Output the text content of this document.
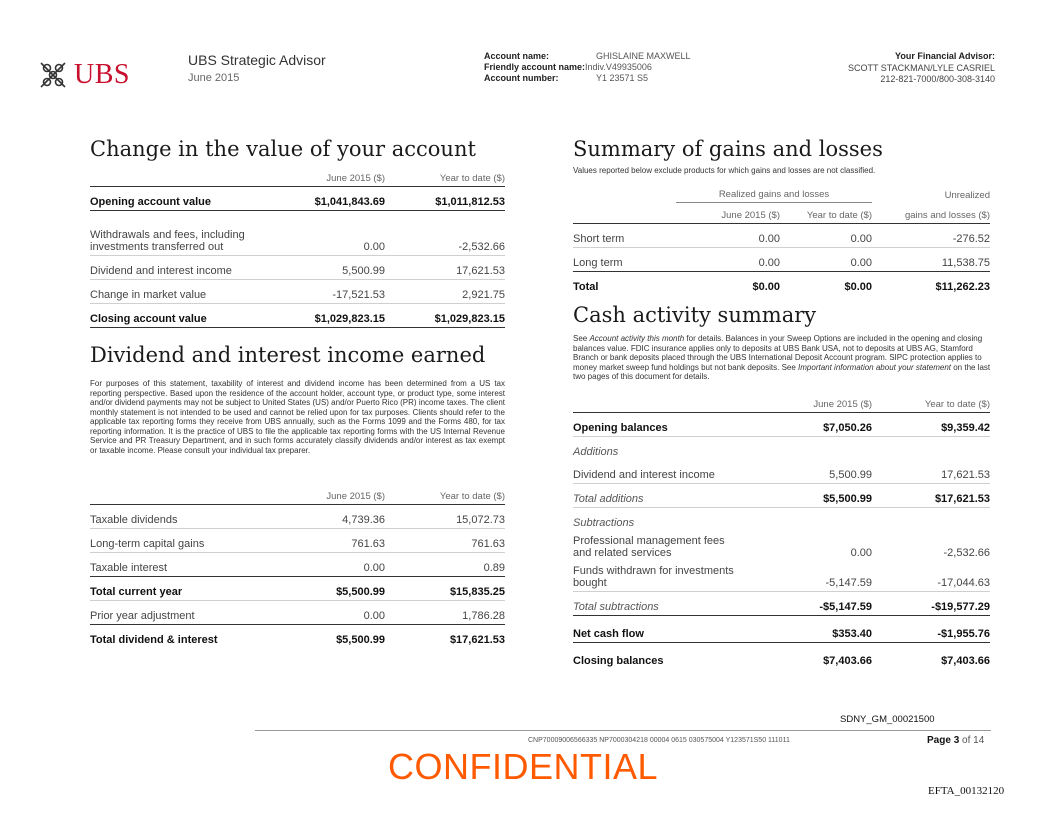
UBS	UBS Strategic Advisor
June 2015
Account name:	GHISLAINE MAXWELL
Friendly account name:Indiv.V49935006
Account number:	Y1 23571 S5
Your Financial Advisor:
SCOTT STACKMAN/LYLE CASRIEL
212-821-7000/800-308-3140
Change in the value of your account
	June 2015 ($)	Year to date ($)
Opening account value	$1,041,843.69	$1,011,812.53
Withdrawals and fees, including investments transferred out	0.00	-2,532.66
Dividend and interest income	5,500.99	17,621.53
Change in market value	-17,521.53	2,921.75
Closing account value	$1,029,823.15	$1,029,823.15
Dividend and interest income earned
For purposes of this statement, taxability of interest and dividend income has been determined from a US tax reporting perspective. Based upon the residence of the account holder, account type, or product type, some interest and/or dividend payments may not be subject to United States (US) and/or Puerto Rico (PR) income taxes. The client monthly statement is not intended to be used and cannot be relied upon for tax purposes. Clients should refer to the applicable tax reporting forms they receive from UBS annually, such as the Forms 1099 and the Forms 480, for tax reporting information. It is the practice of UBS to file the applicable tax reporting forms with the US Internal Revenue Service and PR Treasury Department, and in such forms accurately classify dividends and/or interest as tax exempt or taxable income. Please consult your individual tax preparer.
	June 2015 ($)	Year to date ($)
Taxable dividends	4,739.36	15,072.73
Long-term capital gains	761.63	761.63
Taxable interest	0.00	0.89
Total current year	$5,500.99	$15,835.25
Prior year adjustment	0.00	1,786.28
Total dividend & interest	$5,500.99	$17,621.53
Summary of gains and losses
Values reported below exclude products for which gains and losses are not classified.
	Realized gains and losses		Unrealized
	June 2015 ($)	Year to date ($)	gains and losses ($)
Short term	0.00	0.00	-276.52
Long term	0.00	0.00	11,538.75
Total	$0.00	$0.00	$11,262.23
Cash activity summary
See Account activity this month for details. Balances in your Sweep Options are included in the opening and closing balances value. FDIC insurance applies only to deposits at UBS Bank USA, not to deposits at UBS AG, Stamford Branch or bank deposits placed through the UBS International Deposit Account program. SIPC protection applies to money market sweep fund holdings but not bank deposits. See Important information about your statement on the last two pages of this document for details.
	June 2015 ($)	Year to date ($)
Opening balances	$7,050.26	$9,359.42
Additions		
Dividend and interest income	5,500.99	17,621.53
Total additions	$5,500.99	$17,621.53
Subtractions		
Professional management fees and related services	0.00	-2,532.66
Funds withdrawn for investments bought	-5,147.59	-17,044.63
Total subtractions	-$5,147.59	-$19,577.29
Net cash flow	$353.40	-$1,955.76
Closing balances	$7,403.66	$7,403.66
SDNY_GM_00021500
CNP70009006566335 NP7000304218 00004 0615 030575004 Y123571S50 111011	Page 3 of 14
CONFIDENTIAL
EFTA_00132120
